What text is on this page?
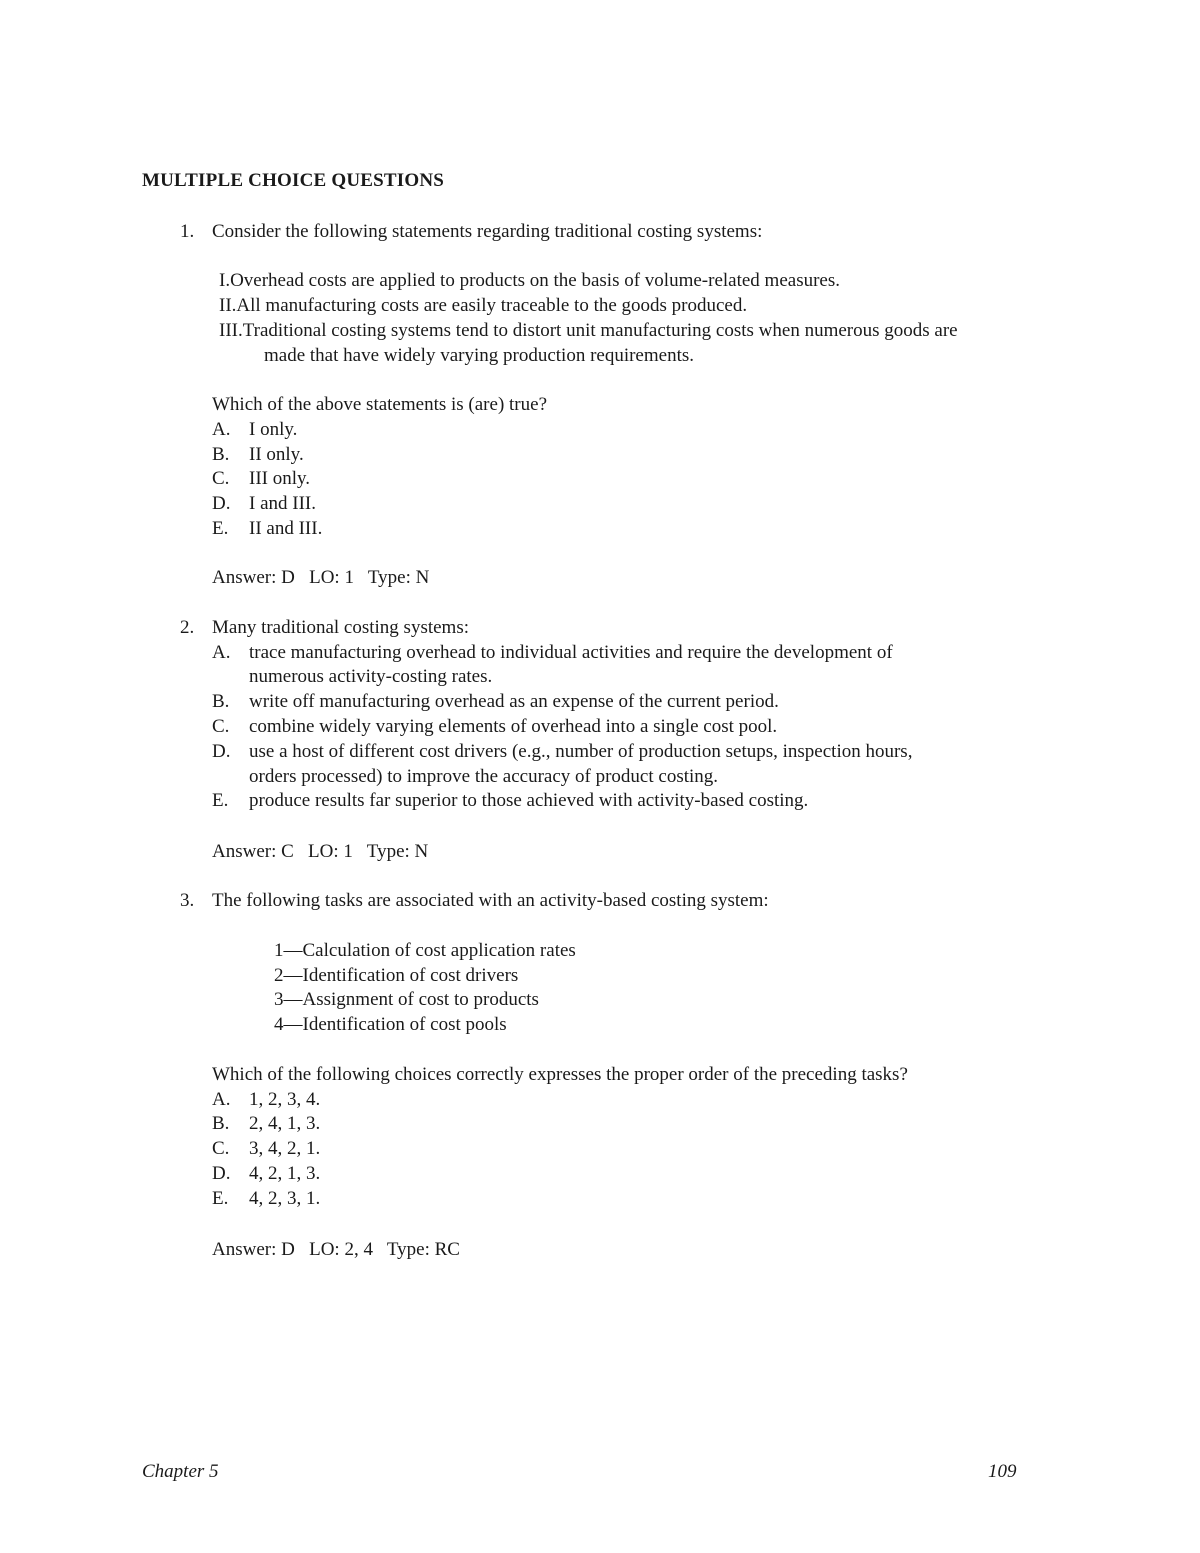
MULTIPLE CHOICE QUESTIONS
1. Consider the following statements regarding traditional costing systems:
I.Overhead costs are applied to products on the basis of volume-related measures.
II.All manufacturing costs are easily traceable to the goods produced.
III.Traditional costing systems tend to distort unit manufacturing costs when numerous goods are
made that have widely varying production requirements.
Which of the above statements is (are) true?
A. I only.
B. II only.
C. III only.
D. I and III.
E. II and III.
Answer: D   LO: 1   Type: N
2. Many traditional costing systems:
A. trace manufacturing overhead to individual activities and require the development of
numerous activity-costing rates.
B. write off manufacturing overhead as an expense of the current period.
C. combine widely varying elements of overhead into a single cost pool.
D. use a host of different cost drivers (e.g., number of production setups, inspection hours,
orders processed) to improve the accuracy of product costing.
E. produce results far superior to those achieved with activity-based costing.
Answer: C   LO: 1   Type: N
3. The following tasks are associated with an activity-based costing system:
1—Calculation of cost application rates
2—Identification of cost drivers
3—Assignment of cost to products
4—Identification of cost pools
Which of the following choices correctly expresses the proper order of the preceding tasks?
A. 1, 2, 3, 4.
B. 2, 4, 1, 3.
C. 3, 4, 2, 1.
D. 4, 2, 1, 3.
E. 4, 2, 3, 1.
Answer: D   LO: 2, 4   Type: RC
Chapter 5	109
